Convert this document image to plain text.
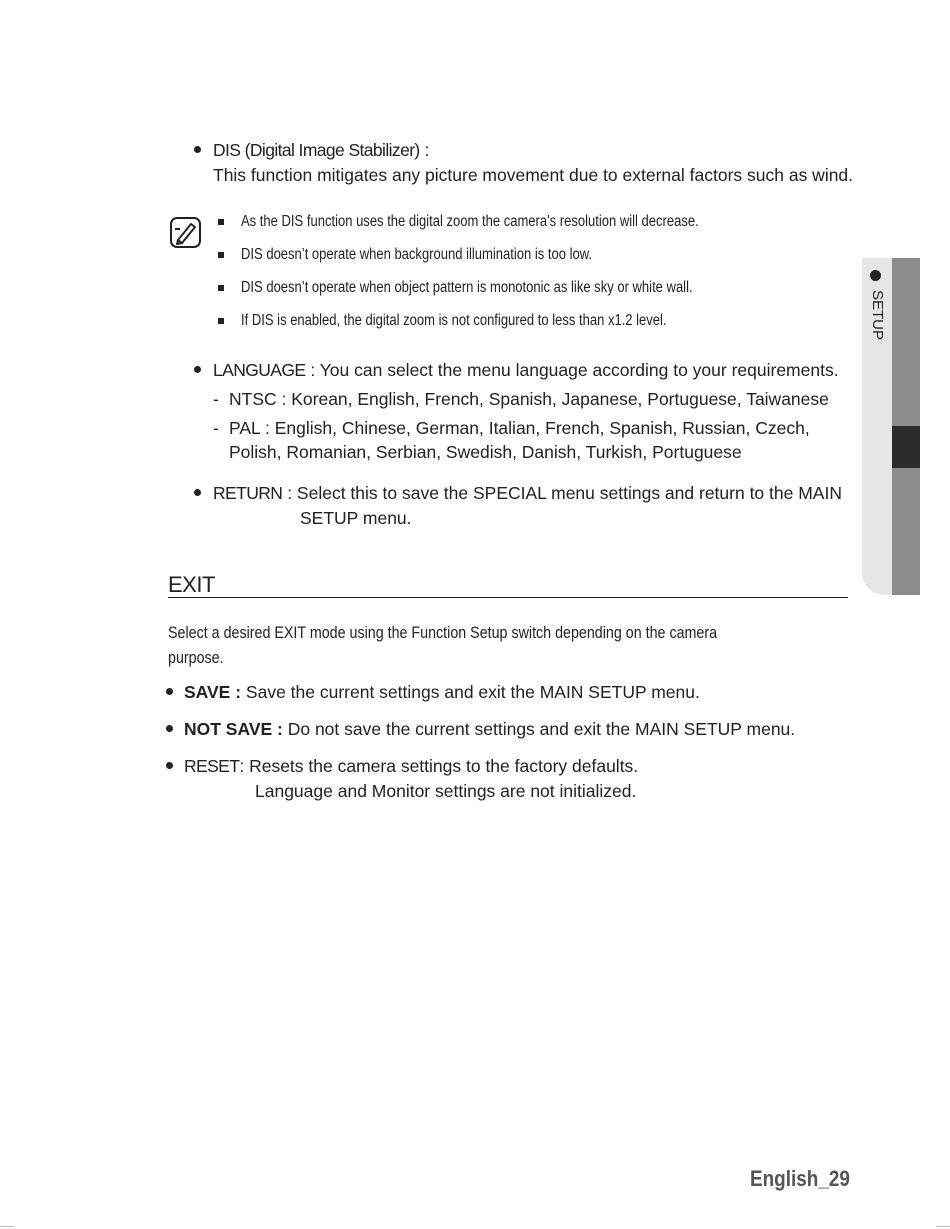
DIS (Digital Image Stabilizer) :
This function mitigates any picture movement due to external factors such as wind.
As the DIS function uses the digital zoom the camera's resolution will decrease.
DIS doesn’t operate when background illumination is too low.
DIS doesn’t operate when object pattern is monotonic as like sky or white wall.
If DIS is enabled, the digital zoom is not configured to less than x1.2 level.
LANGUAGE : You can select the menu language according to your requirements.
- NTSC : Korean, English, French, Spanish, Japanese, Portuguese, Taiwanese
- PAL : English, Chinese, German, Italian, French, Spanish, Russian, Czech,
Polish, Romanian, Serbian, Swedish, Danish, Turkish, Portuguese
RETURN : Select this to save the SPECIAL menu settings and return to the MAIN
SETUP menu.
EXIT
Select a desired EXIT mode using the Function Setup switch depending on the camera
purpose.
SAVE : Save the current settings and exit the MAIN SETUP menu.
NOT SAVE : Do not save the current settings and exit the MAIN SETUP menu.
RESET: Resets the camera settings to the factory defaults.
Language and Monitor settings are not initialized.
SETUP
English_29
